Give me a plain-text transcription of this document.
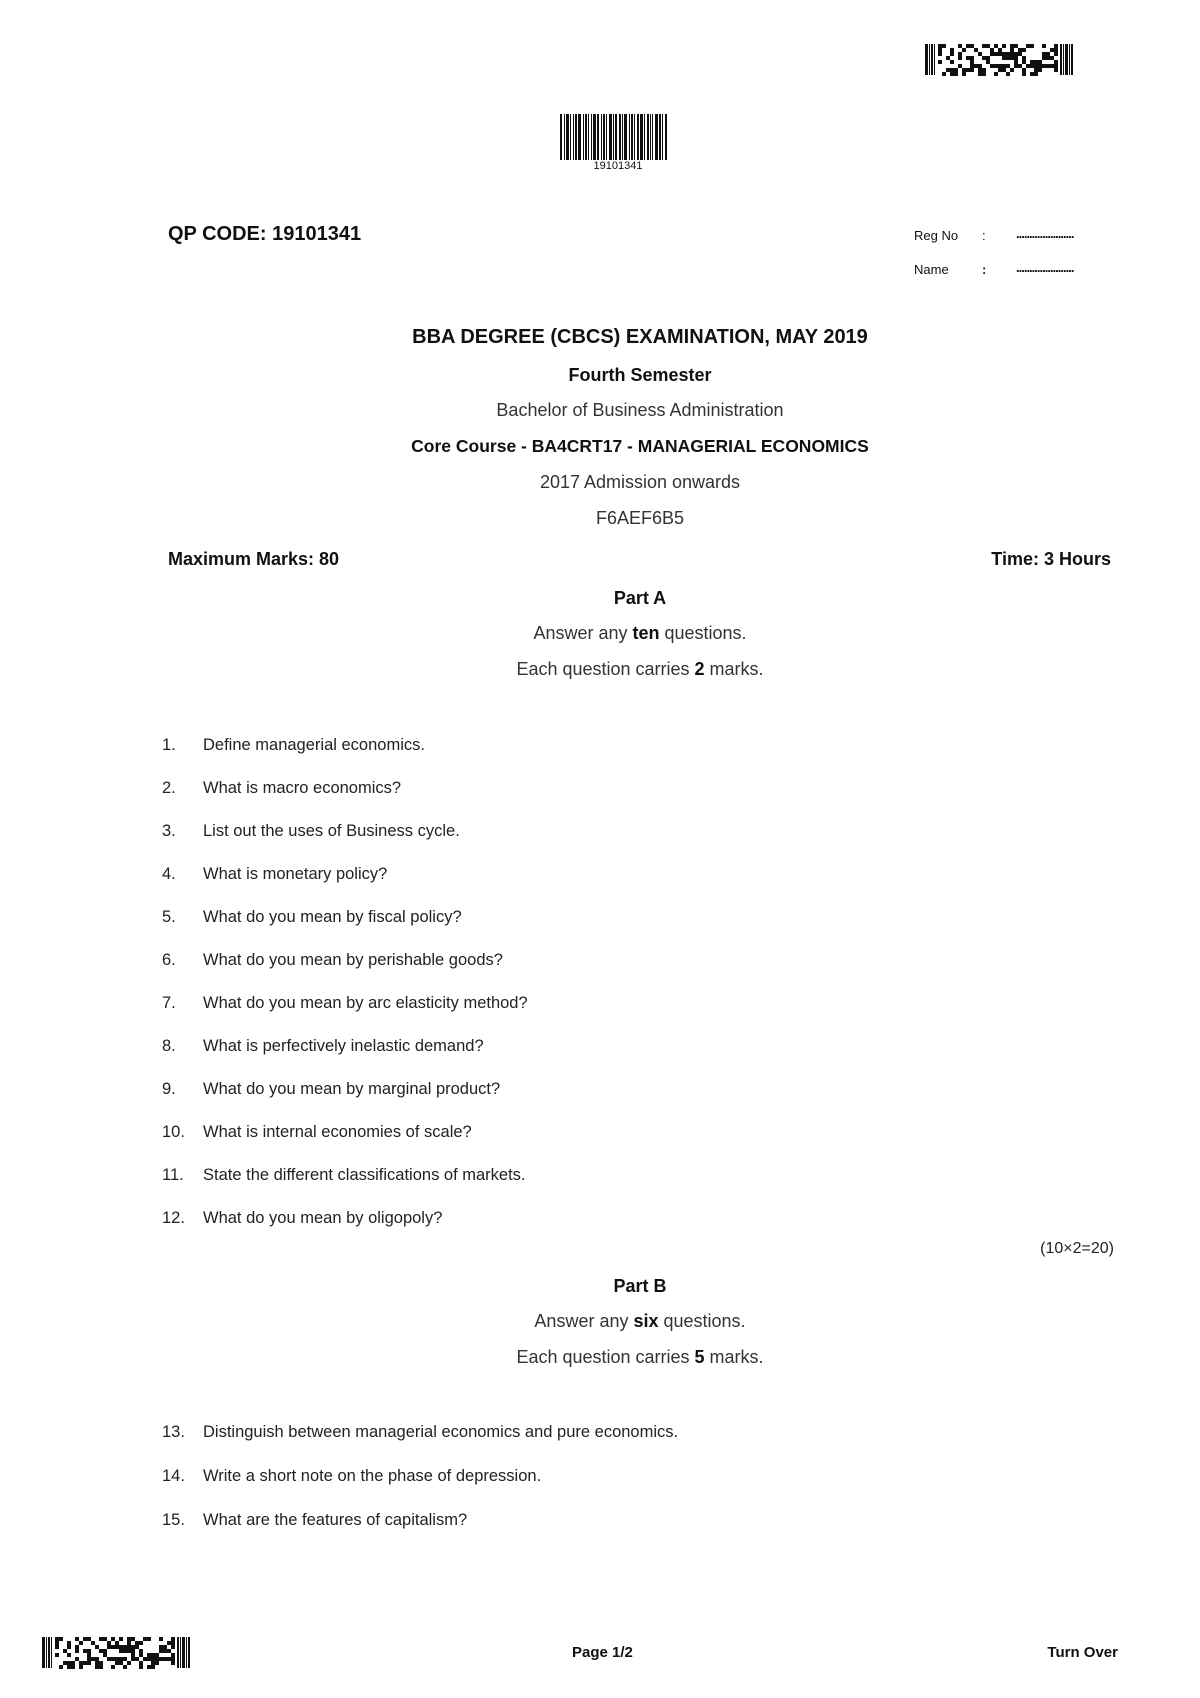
19101341
QP CODE: 19101341	Reg No : ......................
Name	: ......................
BBA DEGREE (CBCS) EXAMINATION, MAY 2019
Fourth Semester
Bachelor of Business Administration
Core Course - BA4CRT17 - MANAGERIAL ECONOMICS
2017 Admission onwards
F6AEF6B5
Maximum Marks: 80	Time: 3 Hours
Part A
Answer any ten questions.
Each question carries 2 marks.
1. Define managerial economics.
2. What is macro economics?
3. List out the uses of Business cycle.
4. What is monetary policy?
5. What do you mean by fiscal policy?
6. What do you mean by perishable goods?
7. What do you mean by arc elasticity method?
8. What is perfectively inelastic demand?
9. What do you mean by marginal product?
10. What is internal economies of scale?
11. State the different classifications of markets.
12. What do you mean by oligopoly?
(10×2=20)
Part B
Answer any six questions.
Each question carries 5 marks.
13. Distinguish between managerial economics and pure economics.
14. Write a short note on the phase of depression.
15. What are the features of capitalism?
Page 1/2	Turn Over
